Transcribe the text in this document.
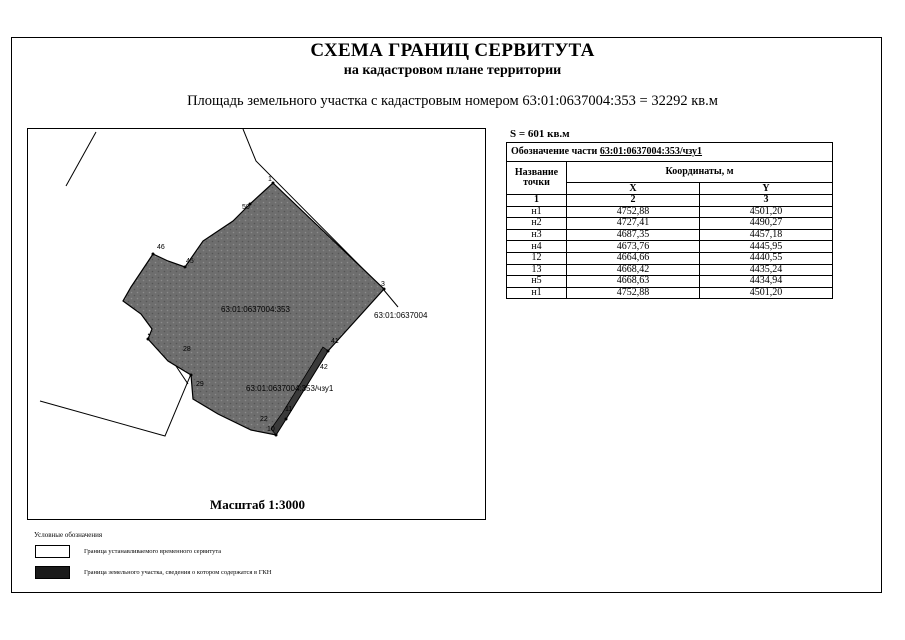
СХЕМА ГРАНИЦ СЕРВИТУТА
на кадастровом плане территории
Площадь земельного участка с кадастровым номером 63:01:0637004:353 = 32292 кв.м
1
3
50
46
45
29
41
42
11
28
10
22
63:01:0637004:353
63:01:0637004:353/чзу1
63:01:0637004
Масштаб 1:3000
S = 601 кв.м
Обозначение части 63:01:0637004:353/чзу1		
Название точки	Координаты, м	
	X	Y
1	2	3
н1	4752,88	4501,20
н2	4727,41	4490,27
н3	4687,35	4457,18
н4	4673,76	4445,95
12	4664,66	4440,55
13	4668,42	4435,24
н5	4668,63	4434,94
н1	4752,88	4501,20
Условные обозначения
Граница устанавливаемого временного сервитута
Граница земельного участка, сведения о котором содержатся в ГКН
